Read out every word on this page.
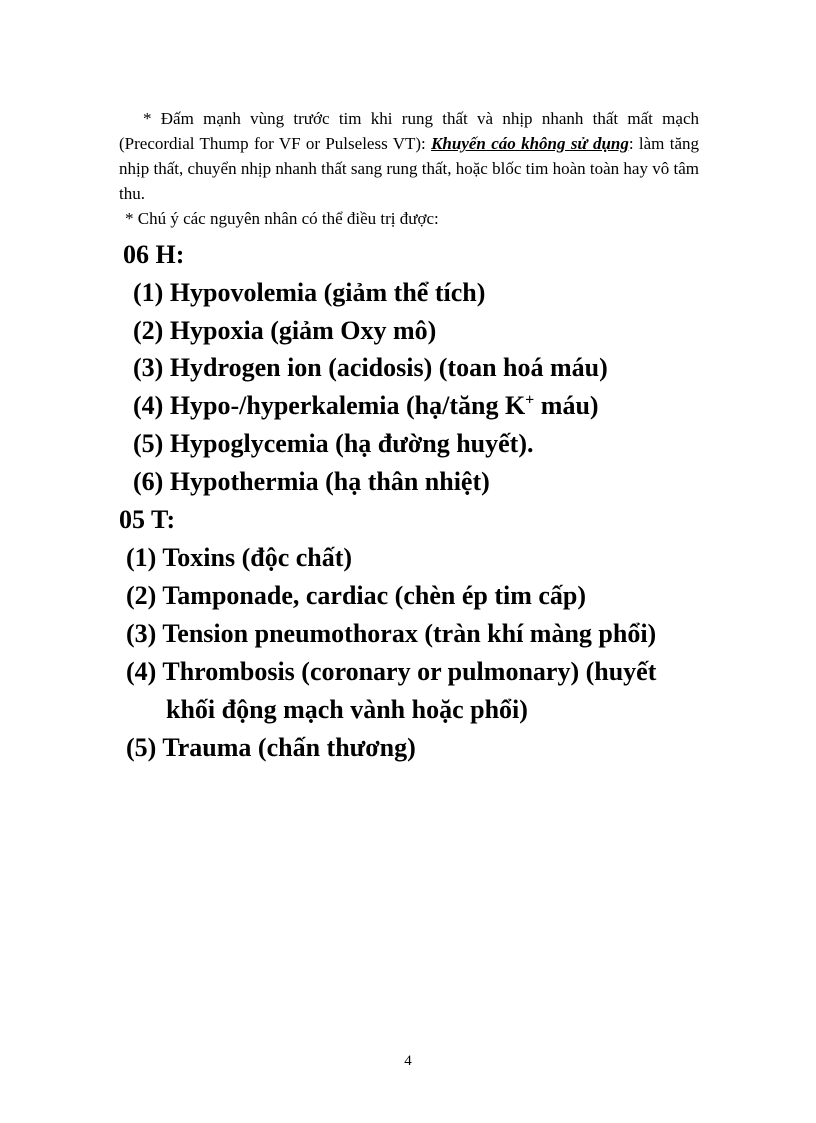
* Đấm mạnh vùng trước tim khi rung thất và nhịp nhanh thất mất mạch (Precordial Thump for VF or Pulseless VT): Khuyến cáo không sử dụng: làm tăng nhịp thất, chuyển nhịp nhanh thất sang rung thất, hoặc blốc tim hoàn toàn hay vô tâm thu.

* Chú ý các nguyên nhân có thể điều trị được:

06 H:
(1) Hypovolemia (giảm thể tích)
(2) Hypoxia (giảm Oxy mô)
(3) Hydrogen ion (acidosis) (toan hoá máu)
(4) Hypo-/hyperkalemia (hạ/tăng K+ máu)
(5) Hypoglycemia (hạ đường huyết).
(6) Hypothermia (hạ thân nhiệt)
05 T:
(1) Toxins (độc chất)
(2) Tamponade, cardiac (chèn ép tim cấp)
(3) Tension pneumothorax (tràn khí màng phổi)
(4) Thrombosis (coronary or pulmonary) (huyết
khối động mạch vành hoặc phổi)
(5) Trauma (chấn thương)
4
